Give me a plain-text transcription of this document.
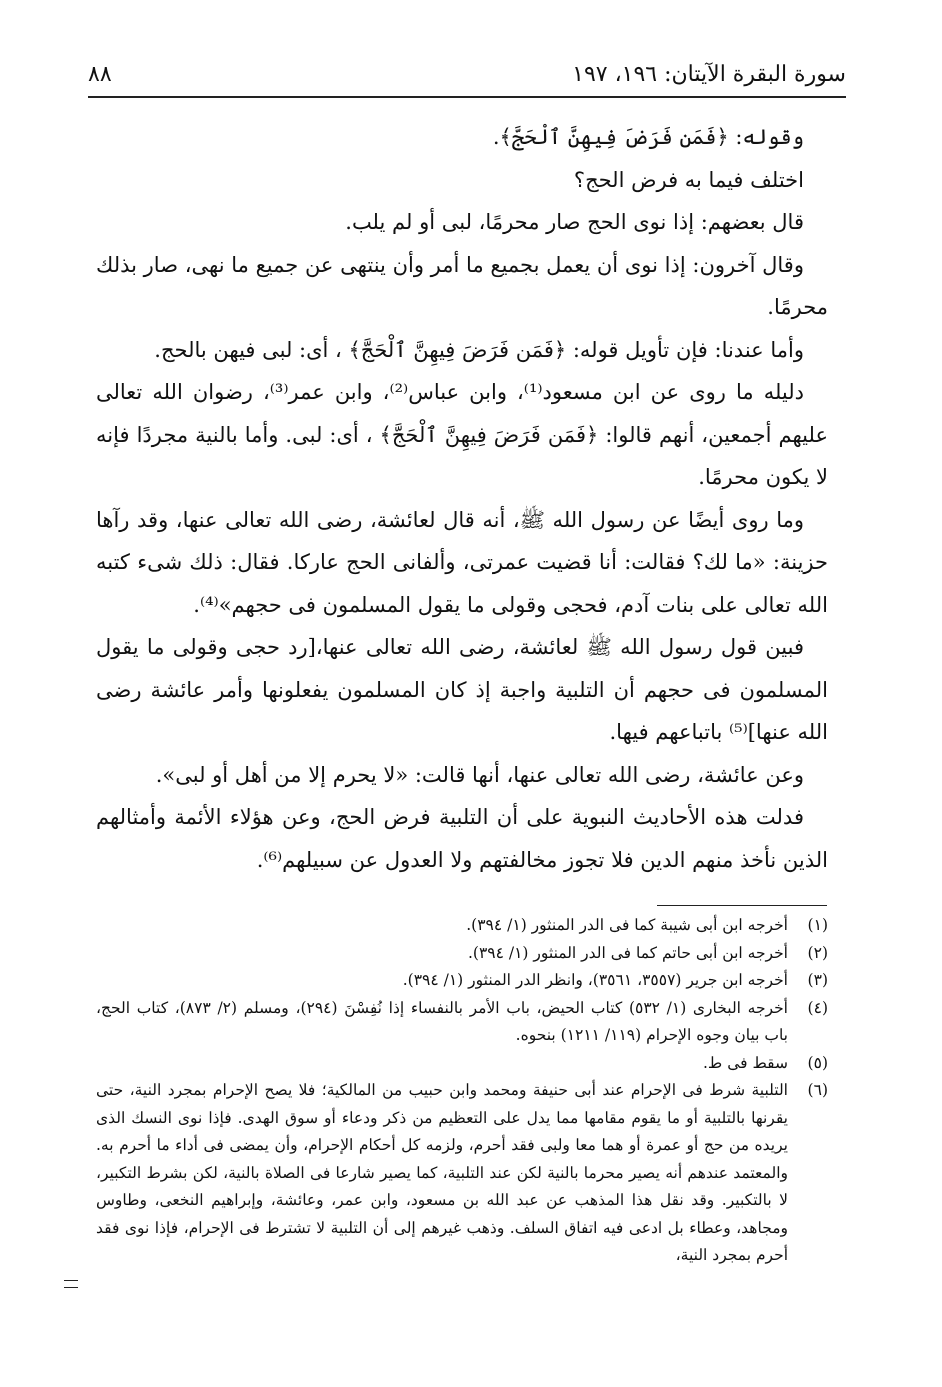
سورة البقرة الآيتان: ١٩٦، ١٩٧
٨٨

وقوله: ﴿فَمَن فَرَضَ فِيهِنَّ ٱلْحَجَّ﴾.

اختلف فيما به فرض الحج؟

قال بعضهم: إذا نوى الحج صار محرمًا، لبى أو لم يلب.

وقال آخرون: إذا نوى أن يعمل بجميع ما أمر وأن ينتهى عن جميع ما نهى، صار بذلك محرمًا.

وأما عندنا: فإن تأويل قوله: ﴿فَمَن فَرَضَ فِيهِنَّ ٱلْحَجَّ﴾ ، أى: لبى فيهن بالحج.

دليله ما روى عن ابن مسعود⁽¹⁾، وابن عباس⁽²⁾، وابن عمر⁽³⁾، رضوان الله تعالى عليهم أجمعين، أنهم قالوا: ﴿فَمَن فَرَضَ فِيهِنَّ ٱلْحَجَّ﴾ ، أى: لبى. وأما بالنية مجردًا فإنه لا يكون محرمًا.

وما روى أيضًا عن رسول الله ﷺ، أنه قال لعائشة، رضى الله تعالى عنها، وقد رآها حزينة: «ما لك؟ فقالت: أنا قضيت عمرتى، وألفانى الحج عاركا. فقال: ذلك شىء كتبه الله تعالى على بنات آدم، فحجى وقولى ما يقول المسلمون فى حجهم»⁽⁴⁾.

فبين قول رسول الله ﷺ لعائشة، رضى الله تعالى عنها،[رد حجى وقولى ما يقول المسلمون فى حجهم أن التلبية واجبة إذ كان المسلمون يفعلونها وأمر عائشة رضى الله عنها]⁽⁵⁾ باتباعهم فيها.

وعن عائشة، رضى الله تعالى عنها، أنها قالت: «لا يحرم إلا من أهل أو لبى».

فدلت هذه الأحاديث النبوية على أن التلبية فرض الحج، وعن هؤلاء الأئمة وأمثالهم الذين نأخذ منهم الدين فلا تجوز مخالفتهم ولا العدول عن سبيلهم⁽⁶⁾.

(١)
أخرجه ابن أبى شيبة كما فى الدر المنثور (١/ ٣٩٤).
(٢)
أخرجه ابن أبى حاتم كما فى الدر المنثور (١/ ٣٩٤).
(٣)
أخرجه ابن جرير (٣٥٥٧، ٣٥٦١)، وانظر الدر المنثور (١/ ٣٩٤).
(٤)
أخرجه البخارى (١/ ٥٣٢) كتاب الحيض، باب الأمر بالنفساء إذا نُفِسْنَ (٢٩٤)، ومسلم (٢/ ٨٧٣)، كتاب الحج، باب بيان وجوه الإحرام (١١٩/ ١٢١١) بنحوه.
(٥)
سقط فى ط.
(٦)
التلبية شرط فى الإحرام عند أبى حنيفة ومحمد وابن حبيب من المالكية؛ فلا يصح الإحرام بمجرد النية، حتى يقرنها بالتلبية أو ما يقوم مقامها مما يدل على التعظيم من ذكر ودعاء أو سوق الهدى. فإذا نوى النسك الذى يريده من حج أو عمرة أو هما معا ولبى فقد أحرم، ولزمه كل أحكام الإحرام، وأن يمضى فى أداء ما أحرم به. والمعتمد عندهم أنه يصير محرما بالنية لكن عند التلبية، كما يصير شارعا فى الصلاة بالنية، لكن بشرط التكبير، لا بالتكبير. وقد نقل هذا المذهب عن عبد الله بن مسعود، وابن عمر، وعائشة، وإبراهيم النخعى، وطاوس ومجاهد، وعطاء بل ادعى فيه اتفاق السلف. وذهب غيرهم إلى أن التلبية لا تشترط فى الإحرام، فإذا نوى فقد أحرم بمجرد النية،
